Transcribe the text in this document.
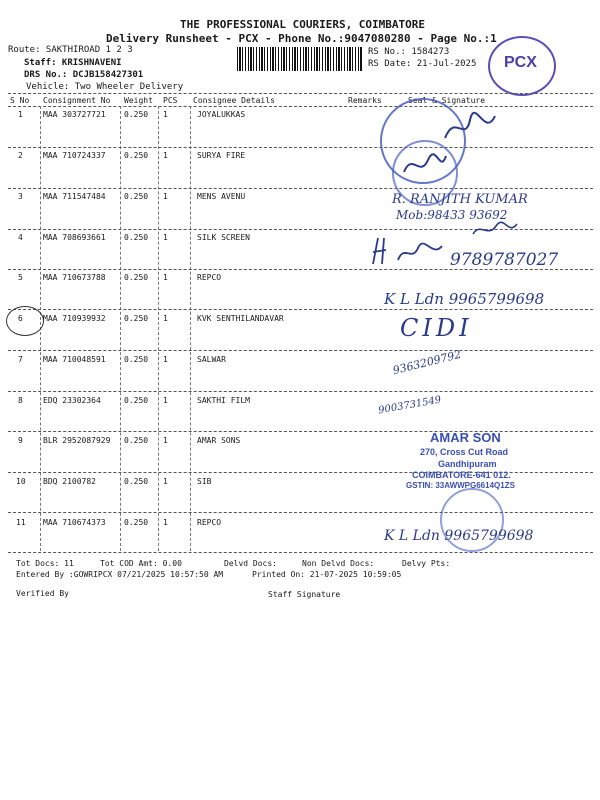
THE PROFESSIONAL COURIERS, COIMBATORE
Delivery Runsheet - PCX - Phone No.:9047080280 - Page No.:1
Route: SAKTHIROAD 1 2 3
Staff: KRISHNAVENI
DRS No.: DCJB158427301
Vehicle: Two Wheeler Delivery
RS No.: 1584273
RS Date: 21-Jul-2025 PCX
S No Consignment No Weight PCS Consignee Details	Remarks	Seal & Signature
1	MAA 303727721 0.250 1	JOYALUKKAS
2	MAA 710724337 0.250 1	SURYA FIRE
3	MAA 711547484 0.250 1	MENS AVENU
4	MAA 708693661 0.250 1	SILK SCREEN
5	MAA 710673788 0.250 1	REPCO
6	MAA 710939932 0.250 1	KVK SENTHILANDAVAR
7	MAA 710048591 0.250 1	SALWAR
8	EDQ 23302364	0.250 1	SAKTHI FILM
9	BLR 2952087929 0.250 1	AMAR SONS
10 BDQ 2100782	0.250 1	SIB
11 MAA 710674373 0.250 1	REPCO
R. RANJITH KUMAR
Mob:98433 93692
9789787027
K L Ldn 9965799698
CIDI
9363209792
9003731549
AMAR SON
270, Cross Cut Road
Gandhipuram
COIMBATORE-641 012.
GSTIN: 33AWWPG6614Q1ZS
K L Ldn 9965799698
Tot Docs: 11	Tot COD Amt: 0.00	Delvd Docs:	Non Delvd Docs:	Delvy Pts:
Entered By :GOWRIPCX 07/21/2025 10:57:50 AM	Printed On: 21-07-2025 10:59:05
Verified By	Staff Signature
